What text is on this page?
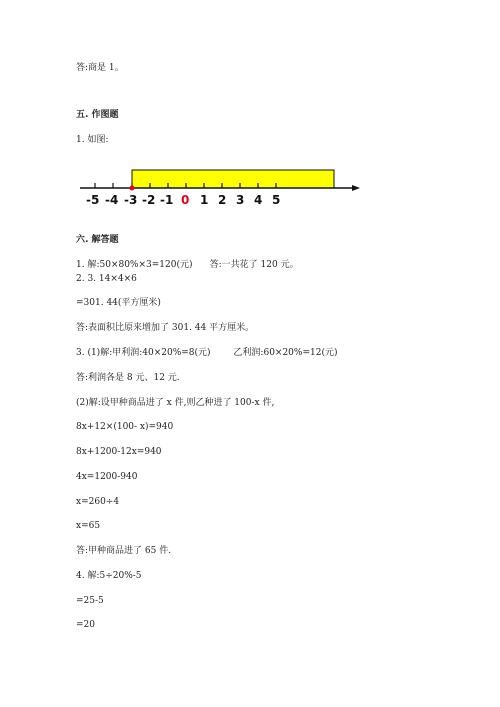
答:商是 1。
五. 作图题
1. 如图:
-5 -4 -3 -2 -1 0 1 2 3 4 5
六. 解答题
1. 解:50×80%×3=120(元)      答:一共花了 120 元。
2. 3. 14×4×6
=301. 44(平方厘米)
答:表面积比原来增加了 301. 44 平方厘米。
3. (1)解:甲利润:40×20%=8(元)        乙利润:60×20%=12(元)
答:利润各是 8 元、12 元.
(2)解:设甲种商品进了 x 件,则乙种进了 100-x 件,
8x+12×(100- x)=940
8x+1200-12x=940
4x=1200-940
x=260÷4
x=65
答:甲种商品进了 65 件.
4. 解:5÷20%-5
=25-5
=20
